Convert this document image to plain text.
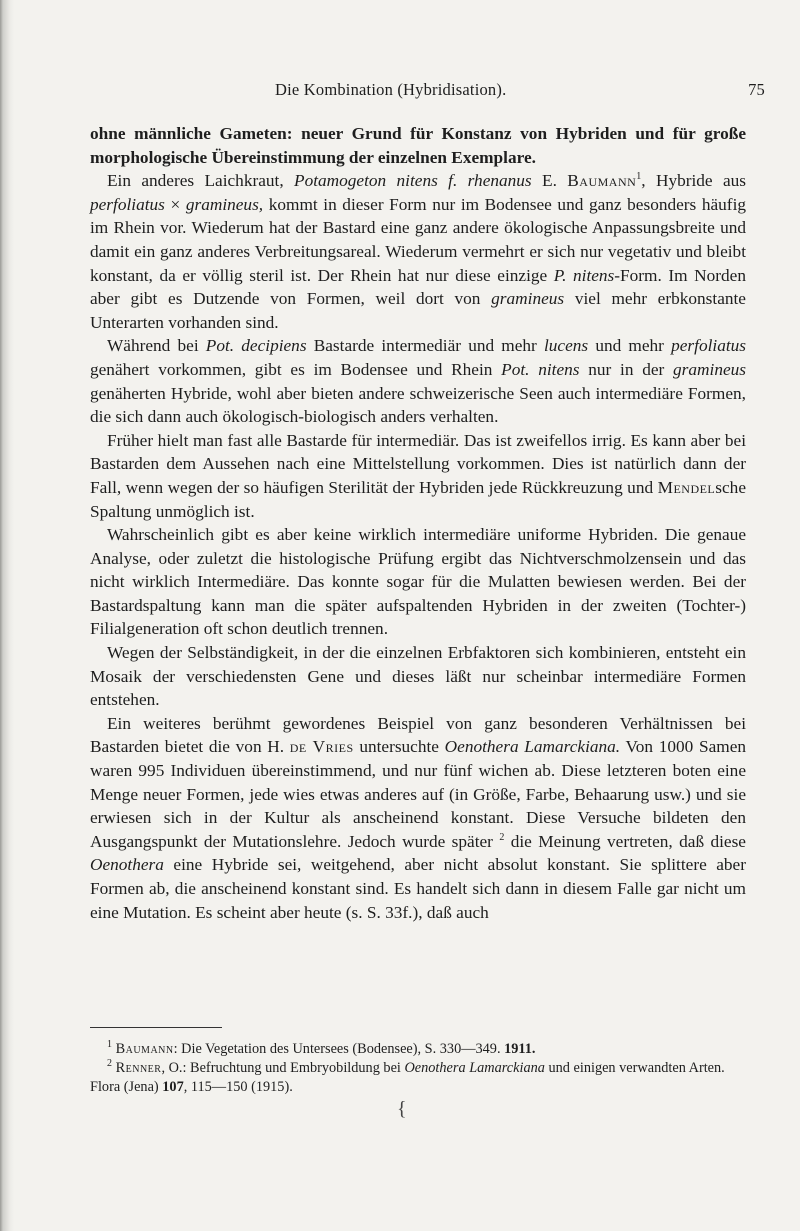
Die Kombination (Hybridisation).	75

ohne männliche Gameten: neuer Grund für Konstanz von Hybriden und für große morphologische Übereinstimmung der einzelnen Exemplare.

Ein anderes Laichkraut, Potamogeton nitens f. rhenanus E. Baumann$^1$, Hybride aus perfoliatus × gramineus, kommt in dieser Form nur im Bodensee und ganz besonders häufig im Rhein vor. Wiederum hat der Bastard eine ganz andere ökologische Anpassungsbreite und damit ein ganz anderes Verbreitungsareal. Wiederum vermehrt er sich nur vegetativ und bleibt konstant, da er völlig steril ist. Der Rhein hat nur diese einzige P. nitens-Form. Im Norden aber gibt es Dutzende von Formen, weil dort von gramineus viel mehr erbkonstante Unterarten vorhanden sind.

Während bei Pot. decipiens Bastarde intermediär und mehr lucens und mehr perfoliatus genähert vorkommen, gibt es im Bodensee und Rhein Pot. nitens nur in der gramineus genäherten Hybride, wohl aber bieten andere schweizerische Seen auch intermediäre Formen, die sich dann auch ökologisch-biologisch anders verhalten.

Früher hielt man fast alle Bastarde für intermediär. Das ist zweifellos irrig. Es kann aber bei Bastarden dem Aussehen nach eine Mittelstellung vorkommen. Dies ist natürlich dann der Fall, wenn wegen der so häufigen Sterilität der Hybriden jede Rückkreuzung und Mendelsche Spaltung unmöglich ist.

Wahrscheinlich gibt es aber keine wirklich intermediäre uniforme Hybriden. Die genaue Analyse, oder zuletzt die histologische Prüfung ergibt das Nichtverschmolzensein und das nicht wirklich Intermediäre. Das konnte sogar für die Mulatten bewiesen werden. Bei der Bastardspaltung kann man die später aufspaltenden Hybriden in der zweiten (Tochter-) Filialgeneration oft schon deutlich trennen.

Wegen der Selbständigkeit, in der die einzelnen Erbfaktoren sich kombinieren, entsteht ein Mosaik der verschiedensten Gene und dieses läßt nur scheinbar intermediäre Formen entstehen.

Ein weiteres berühmt gewordenes Beispiel von ganz besonderen Verhältnissen bei Bastarden bietet die von H. de Vries untersuchte Oenothera Lamarckiana. Von 1000 Samen waren 995 Individuen übereinstimmend, und nur fünf wichen ab. Diese letzteren boten eine Menge neuer Formen, jede wies etwas anderes auf (in Größe, Farbe, Behaarung usw.) und sie erwiesen sich in der Kultur als anscheinend konstant. Diese Versuche bildeten den Ausgangspunkt der Mutationslehre. Jedoch wurde später $^2$ die Meinung vertreten, daß diese Oenothera eine Hybride sei, weitgehend, aber nicht absolut konstant. Sie splittere aber Formen ab, die anscheinend konstant sind. Es handelt sich dann in diesem Falle gar nicht um eine Mutation. Es scheint aber heute (s. S. 33f.), daß auch

$^1$ Baumann: Die Vegetation des Untersees (Bodensee), S. 330—349. 1911.

$^2$ Renner, O.: Befruchtung und Embryobildung bei Oenothera Lamarckiana und einigen verwandten Arten. Flora (Jena) 107, 115—150 (1915).

{
